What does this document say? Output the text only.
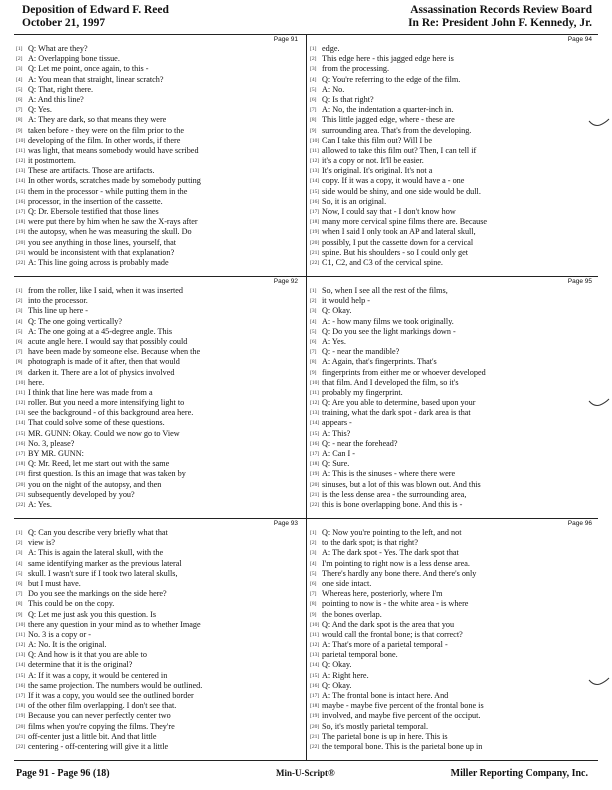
Deposition of Edward F. Reed
October 21, 1997
Assassination Records Review Board
In Re: President John F. Kennedy, Jr.
Page 91
[1] Q: What are they?
[2] A: Overlapping bone tissue.
[3] Q: Let me point, once again, to this -
[4] A: You mean that straight, linear scratch?
[5] Q: That, right there.
[6] A: And this line?
[7] Q: Yes.
[8] A: They are dark, so that means they were
[9] taken before - they were on the film prior to the
[10] developing of the film. In other words, if there
[11] was light, that means somebody would have scribed
[12] it postmortem.
[13] These are artifacts. Those are artifacts.
[14] In other words, scratches made by somebody putting
[15] them in the processor - while putting them in the
[16] processor, in the insertion of the cassette.
[17] Q: Dr. Ebersole testified that those lines
[18] were put there by him when he saw the X-rays after
[19] the autopsy, when he was measuring the skull. Do
[20] you see anything in those lines, yourself, that
[21] would be inconsistent with that explanation?
[22] A: This line going across is probably made
Page 94
[1] edge.
[2] This edge here - this jagged edge here is
[3] from the processing.
[4] Q: You're referring to the edge of the film.
[5] A: No.
[6] Q: Is that right?
[7] A: No, the indentation a quarter-inch in.
[8] This little jagged edge, where - these are
[9] surrounding area. That's from the developing.
[10] Can I take this film out? Will I be
[11] allowed to take this film out? Then, I can tell if
[12] it's a copy or not. It'll be easier.
[13] It's original. It's original. It's not a
[14] copy. If it was a copy, it would have a - one
[15] side would be shiny, and one side would be dull.
[16] So, it is an original.
[17] Now, I could say that - I don't know how
[18] many more cervical spine films there are. Because
[19] when I said I only took an AP and lateral skull,
[20] possibly, I put the cassette down for a cervical
[21] spine. But his shoulders - so I could only get
[22] C1, C2, and C3 of the cervical spine.
Page 92
[1] from the roller, like I said, when it was inserted
[2] into the processor.
[3] This line up here -
[4] Q: The one going vertically?
[5] A: The one going at a 45-degree angle. This
[6] acute angle here. I would say that possibly could
[7] have been made by someone else. Because when the
[8] photograph is made of it after, then that would
[9] darken it. There are a lot of physics involved
[10] here.
[11] I think that line here was made from a
[12] roller. But you need a more intensifying light to
[13] see the background - of this background area here.
[14] That could solve some of these questions.
[15] MR. GUNN: Okay. Could we now go to View
[16] No. 3, please?
[17] BY MR. GUNN:
[18] Q: Mr. Reed, let me start out with the same
[19] first question. Is this an image that was taken by
[20] you on the night of the autopsy, and then
[21] subsequently developed by you?
[22] A: Yes.
Page 95
[1] So, when I see all the rest of the films,
[2] it would help -
[3] Q: Okay.
[4] A: - how many films we took originally.
[5] Q: Do you see the light markings down -
[6] A: Yes.
[7] Q: - near the mandible?
[8] A: Again, that's fingerprints. That's
[9] fingerprints from either me or whoever developed
[10] that film. And I developed the film, so it's
[11] probably my fingerprint.
[12] Q: Are you able to determine, based upon your
[13] training, what the dark spot - dark area is that
[14] appears -
[15] A: This?
[16] Q: - near the forehead?
[17] A: Can I -
[18] Q: Sure.
[19] A: This is the sinuses - where there were
[20] sinuses, but a lot of this was blown out. And this
[21] is the less dense area - the surrounding area,
[22] this is bone overlapping bone. And this is -
Page 93
[1] Q: Can you describe very briefly what that
[2] view is?
[3] A: This is again the lateral skull, with the
[4] same identifying marker as the previous lateral
[5] skull. I wasn't sure if I took two lateral skulls,
[6] but I must have.
[7] Do you see the markings on the side here?
[8] This could be on the copy.
[9] Q: Let me just ask you this question. Is
[10] there any question in your mind as to whether Image
[11] No. 3 is a copy or -
[12] A: No. It is the original.
[13] Q: And how is it that you are able to
[14] determine that it is the original?
[15] A: If it was a copy, it would be centered in
[16] the same projection. The numbers would be outlined.
[17] If it was a copy, you would see the outlined border
[18] of the other film overlapping. I don't see that.
[19] Because you can never perfectly center two
[20] films when you're copying the films. They're
[21] off-center just a little bit. And that little
[22] centering - off-centering will give it a little
Page 96
[1] Q: Now you're pointing to the left, and not
[2] to the dark spot; is that right?
[3] A: The dark spot - Yes. The dark spot that
[4] I'm pointing to right now is a less dense area.
[5] There's hardly any bone there. And there's only
[6] one side intact.
[7] Whereas here, posteriorly, where I'm
[8] pointing to now is - the white area - is where
[9] the bones overlap.
[10] Q: And the dark spot is the area that you
[11] would call the frontal bone; is that correct?
[12] A: That's more of a parietal temporal -
[13] parietal temporal bone.
[14] Q: Okay.
[15] A: Right here.
[16] Q: Okay.
[17] A: The frontal bone is intact here. And
[18] maybe - maybe five percent of the frontal bone is
[19] involved, and maybe five percent of the occiput.
[20] So, it's mostly parietal temporal.
[21] The parietal bone is up in here. This is
[22] the temporal bone. This is the parietal bone up in
Page 91 - Page 96 (18)	Min-U-Script®	Miller Reporting Company, Inc.
